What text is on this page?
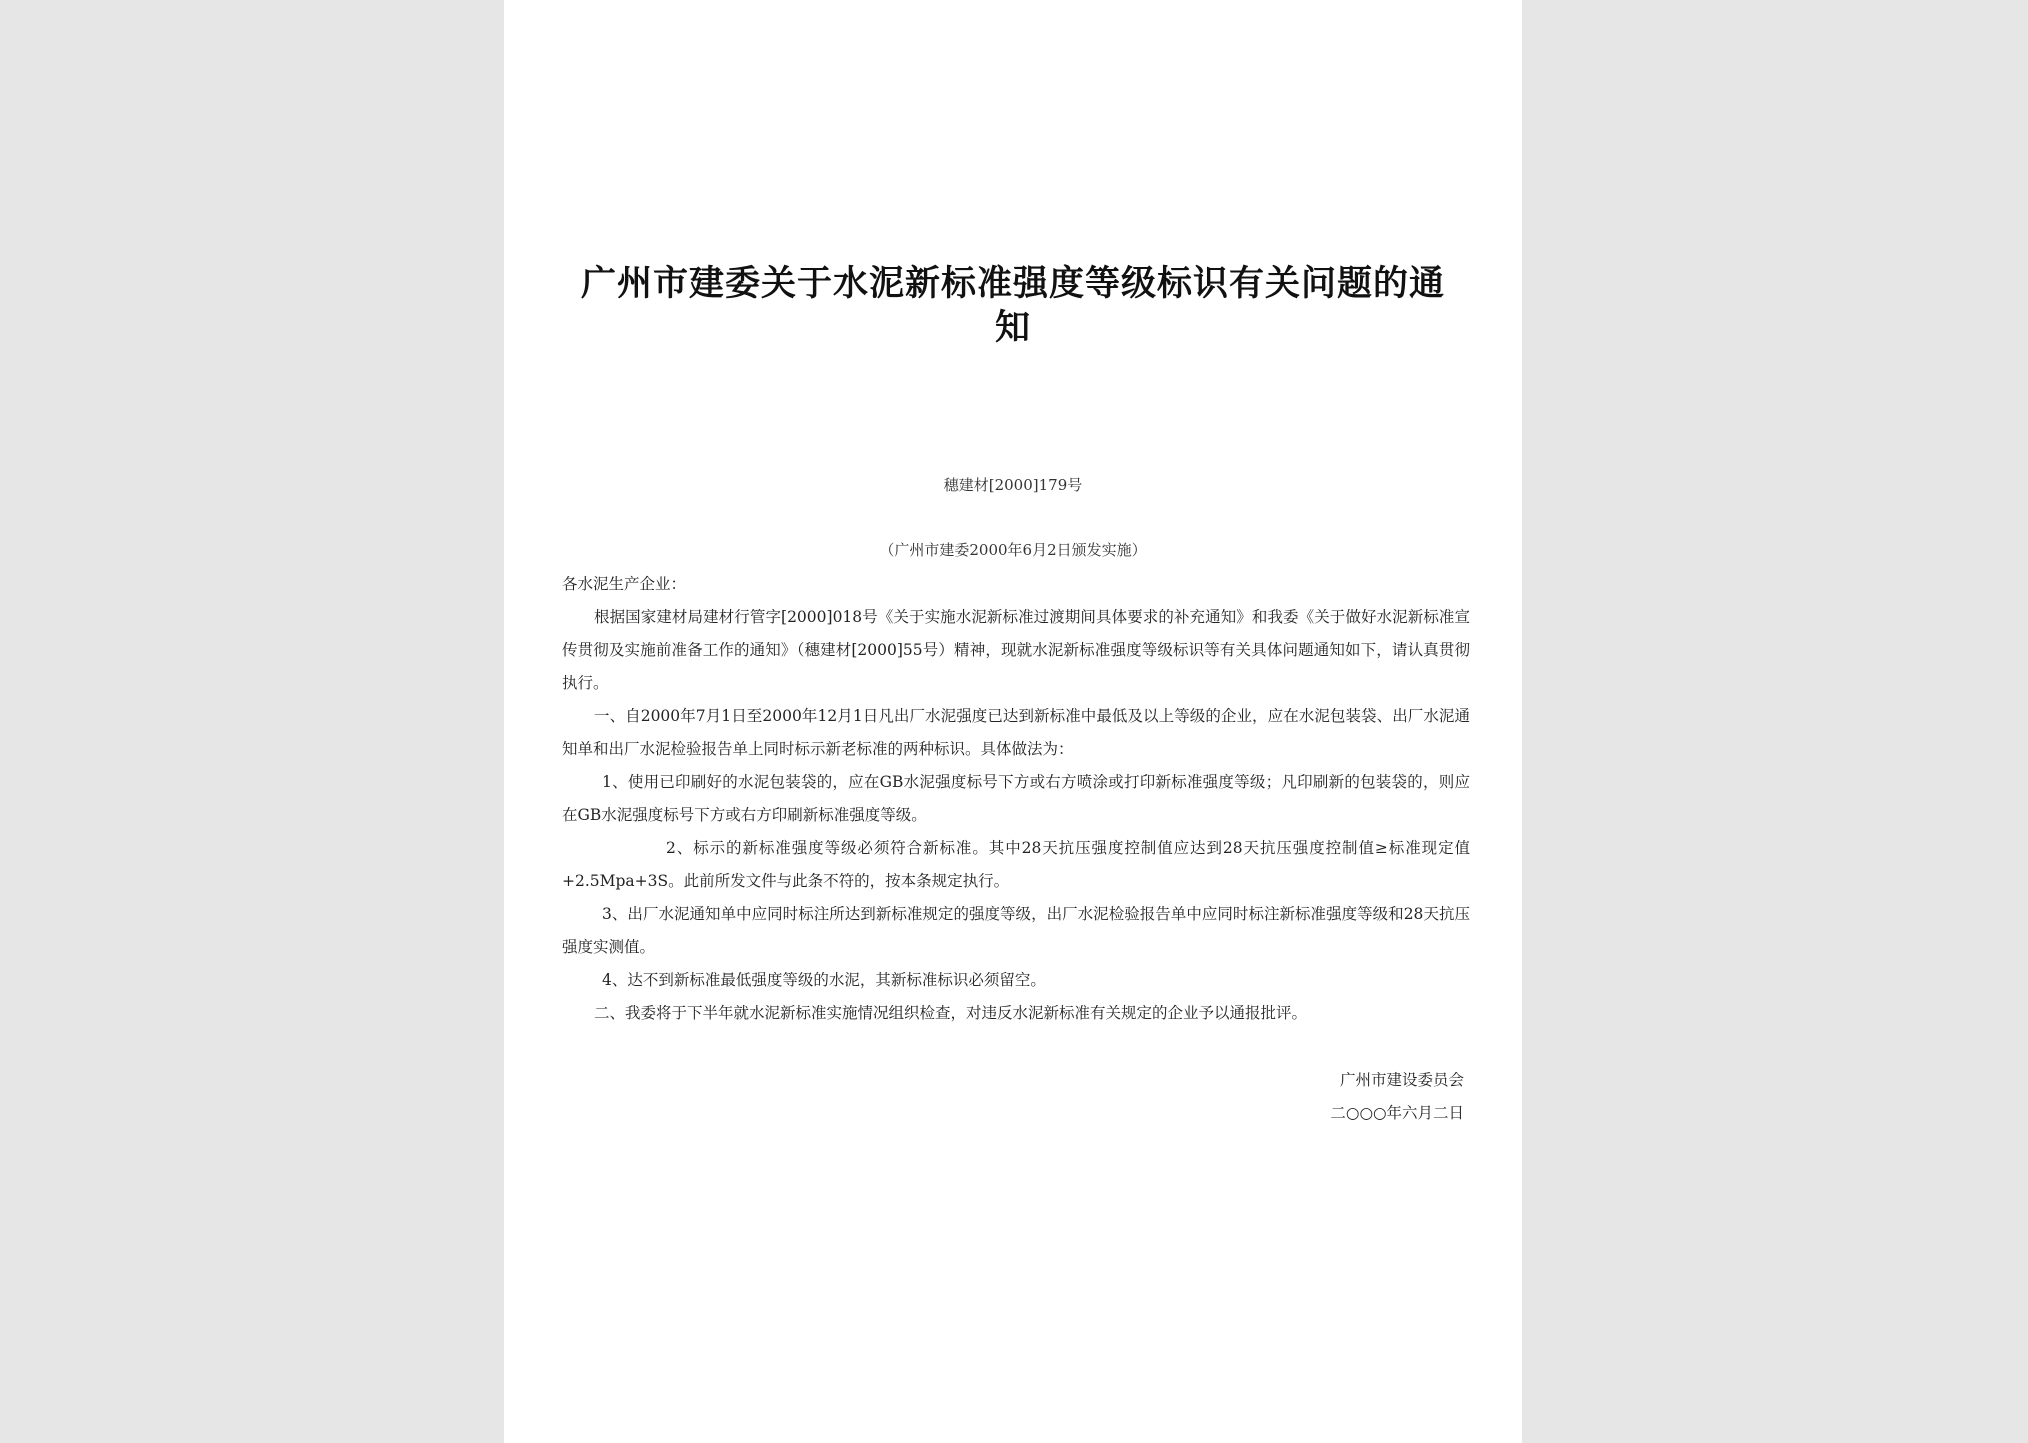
广州市建委关于水泥新标准强度等级标识有关问题的通知
穗建材[2000]179号
（广州市建委2000年6月2日颁发实施）

各水泥生产企业：

根据国家建材局建材行管字[2000]018号《关于实施水泥新标准过渡期间具体要求的补充通知》和我委《关于做好水泥新标准宣传贯彻及实施前准备工作的通知》（穗建材[2000]55号）精神，现就水泥新标准强度等级标识等有关具体问题通知如下，请认真贯彻执行。

一、自2000年7月1日至2000年12月1日凡出厂水泥强度已达到新标准中最低及以上等级的企业，应在水泥包装袋、出厂水泥通知单和出厂水泥检验报告单上同时标示新老标准的两种标识。具体做法为：

1、使用已印刷好的水泥包装袋的，应在GB水泥强度标号下方或右方喷涂或打印新标准强度等级；凡印刷新的包装袋的，则应在GB水泥强度标号下方或右方印刷新标准强度等级。

2、标示的新标准强度等级必须符合新标准。其中28天抗压强度控制值应达到28天抗压强度控制值≥标准现定值+2.5Mpa+3S。此前所发文件与此条不符的，按本条规定执行。

3、出厂水泥通知单中应同时标注所达到新标准规定的强度等级，出厂水泥检验报告单中应同时标注新标准强度等级和28天抗压强度实测值。

4、达不到新标准最低强度等级的水泥，其新标准标识必须留空。

二、我委将于下半年就水泥新标准实施情况组织检查，对违反水泥新标准有关规定的企业予以通报批评。

广州市建设委员会
二○○○年六月二日
